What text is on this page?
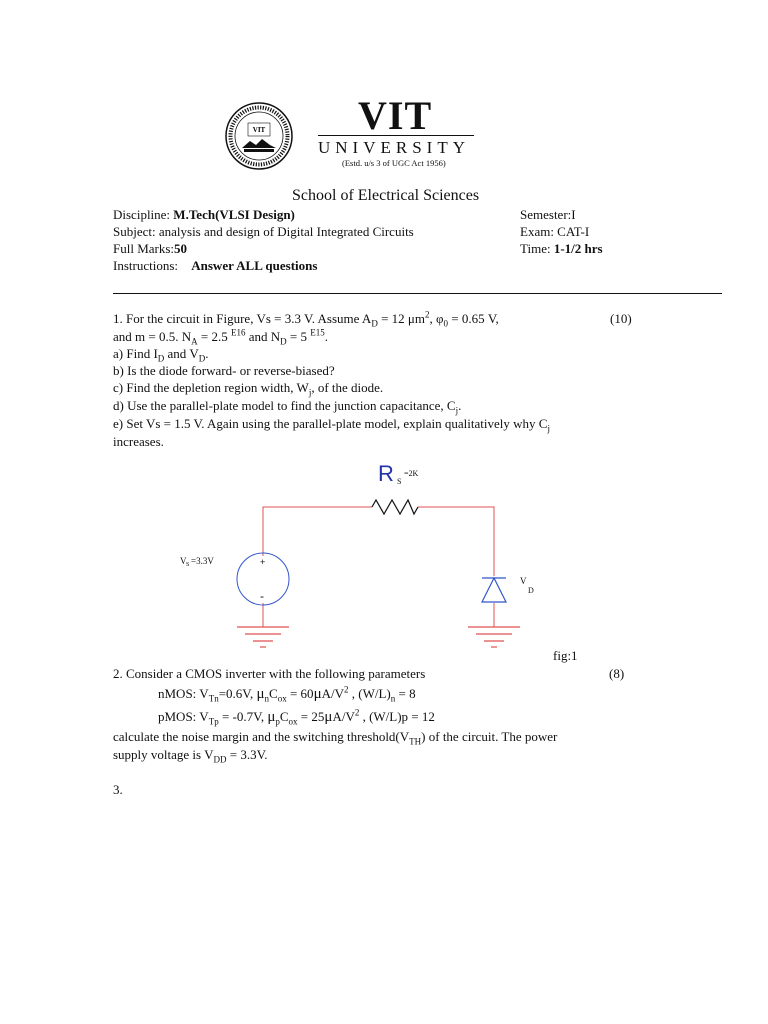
VIT VIT
UNIVERSITY
(Estd. u/s 3 of UGC Act 1956)
School of Electrical Sciences
Discipline: M.Tech(VLSI Design)	Semester:I
Subject: analysis and design of Digital Integrated Circuits	Exam: CAT-I
Full Marks:50	Time: 1-1/2 hrs
Instructions: Answer ALL questions
1. For the circuit in Figure, Vs = 3.3 V. Assume $A_D = 12$ $\mu m^2$, $\varphi_0 = 0.65$ V,	(10)
and m = 0.5. $N_A = 2.5$ $^{E16}$ and $N_D = 5$ $^{E15}$.
a) Find $I_D$ and $V_D$.
b) Is the diode forward- or reverse-biased?
c) Find the depletion region width, $W_j$, of the diode.
d) Use the parallel-plate model to find the junction capacitance, $C_j$.
e) Set Vs = 1.5 V. Again using the parallel-plate model, explain qualitatively why $C_j$
increases.
R S
=2K
+
-
V S =3.3V
V
D
fig:1
2. Consider a CMOS inverter with the following parameters	(8)
nMOS: $V_{Tn}=0.6V$, $\mu_nC_{ox} = 60\mu A/V^2$ , $(W/L)_n = 8$
pMOS: $V_{Tp} = -0.7V$, $\mu_pC_{ox} = 25\mu A/V^2$ , (W/L)p = 12
calculate the noise margin and the switching $threshold(V_{TH})$ of the circuit. The power
supply voltage is $V_{DD} = 3.3V$.
3.
